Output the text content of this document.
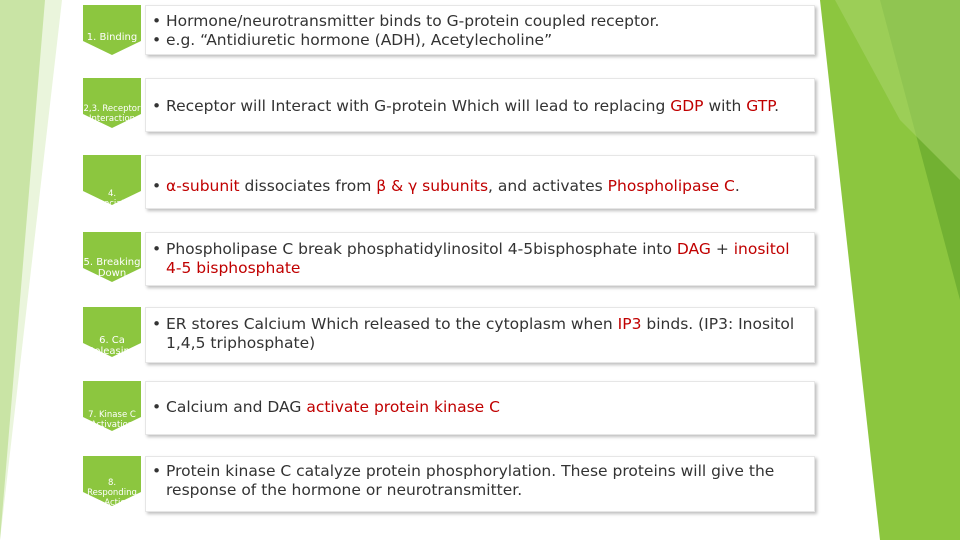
1. Binding
2,3. Receptor Interaction
4. Dissociation
5. Breaking Down
6. Ca Releasing
7. Kinase C Activation
8. Responding to Action
• Hormone/neurotransmitter binds to G-protein coupled receptor.
• e.g. “Antidiuretic hormone (ADH), Acetylecholine”
• Receptor will Interact with G-protein Which will lead to replacing GDP with GTP.
• α-subunit dissociates from β & γ subunits, and activates Phospholipase C.
• Phospholipase C break phosphatidylinositol 4-5bisphosphate into DAG + inositol 4-5 bisphosphate
• ER stores Calcium Which released to the cytoplasm when IP3 binds. (IP3: Inositol 1,4,5 triphosphate)
• Calcium and DAG activate protein kinase C
• Protein kinase C catalyze protein phosphorylation. These proteins will give the response of the hormone or neurotransmitter.
